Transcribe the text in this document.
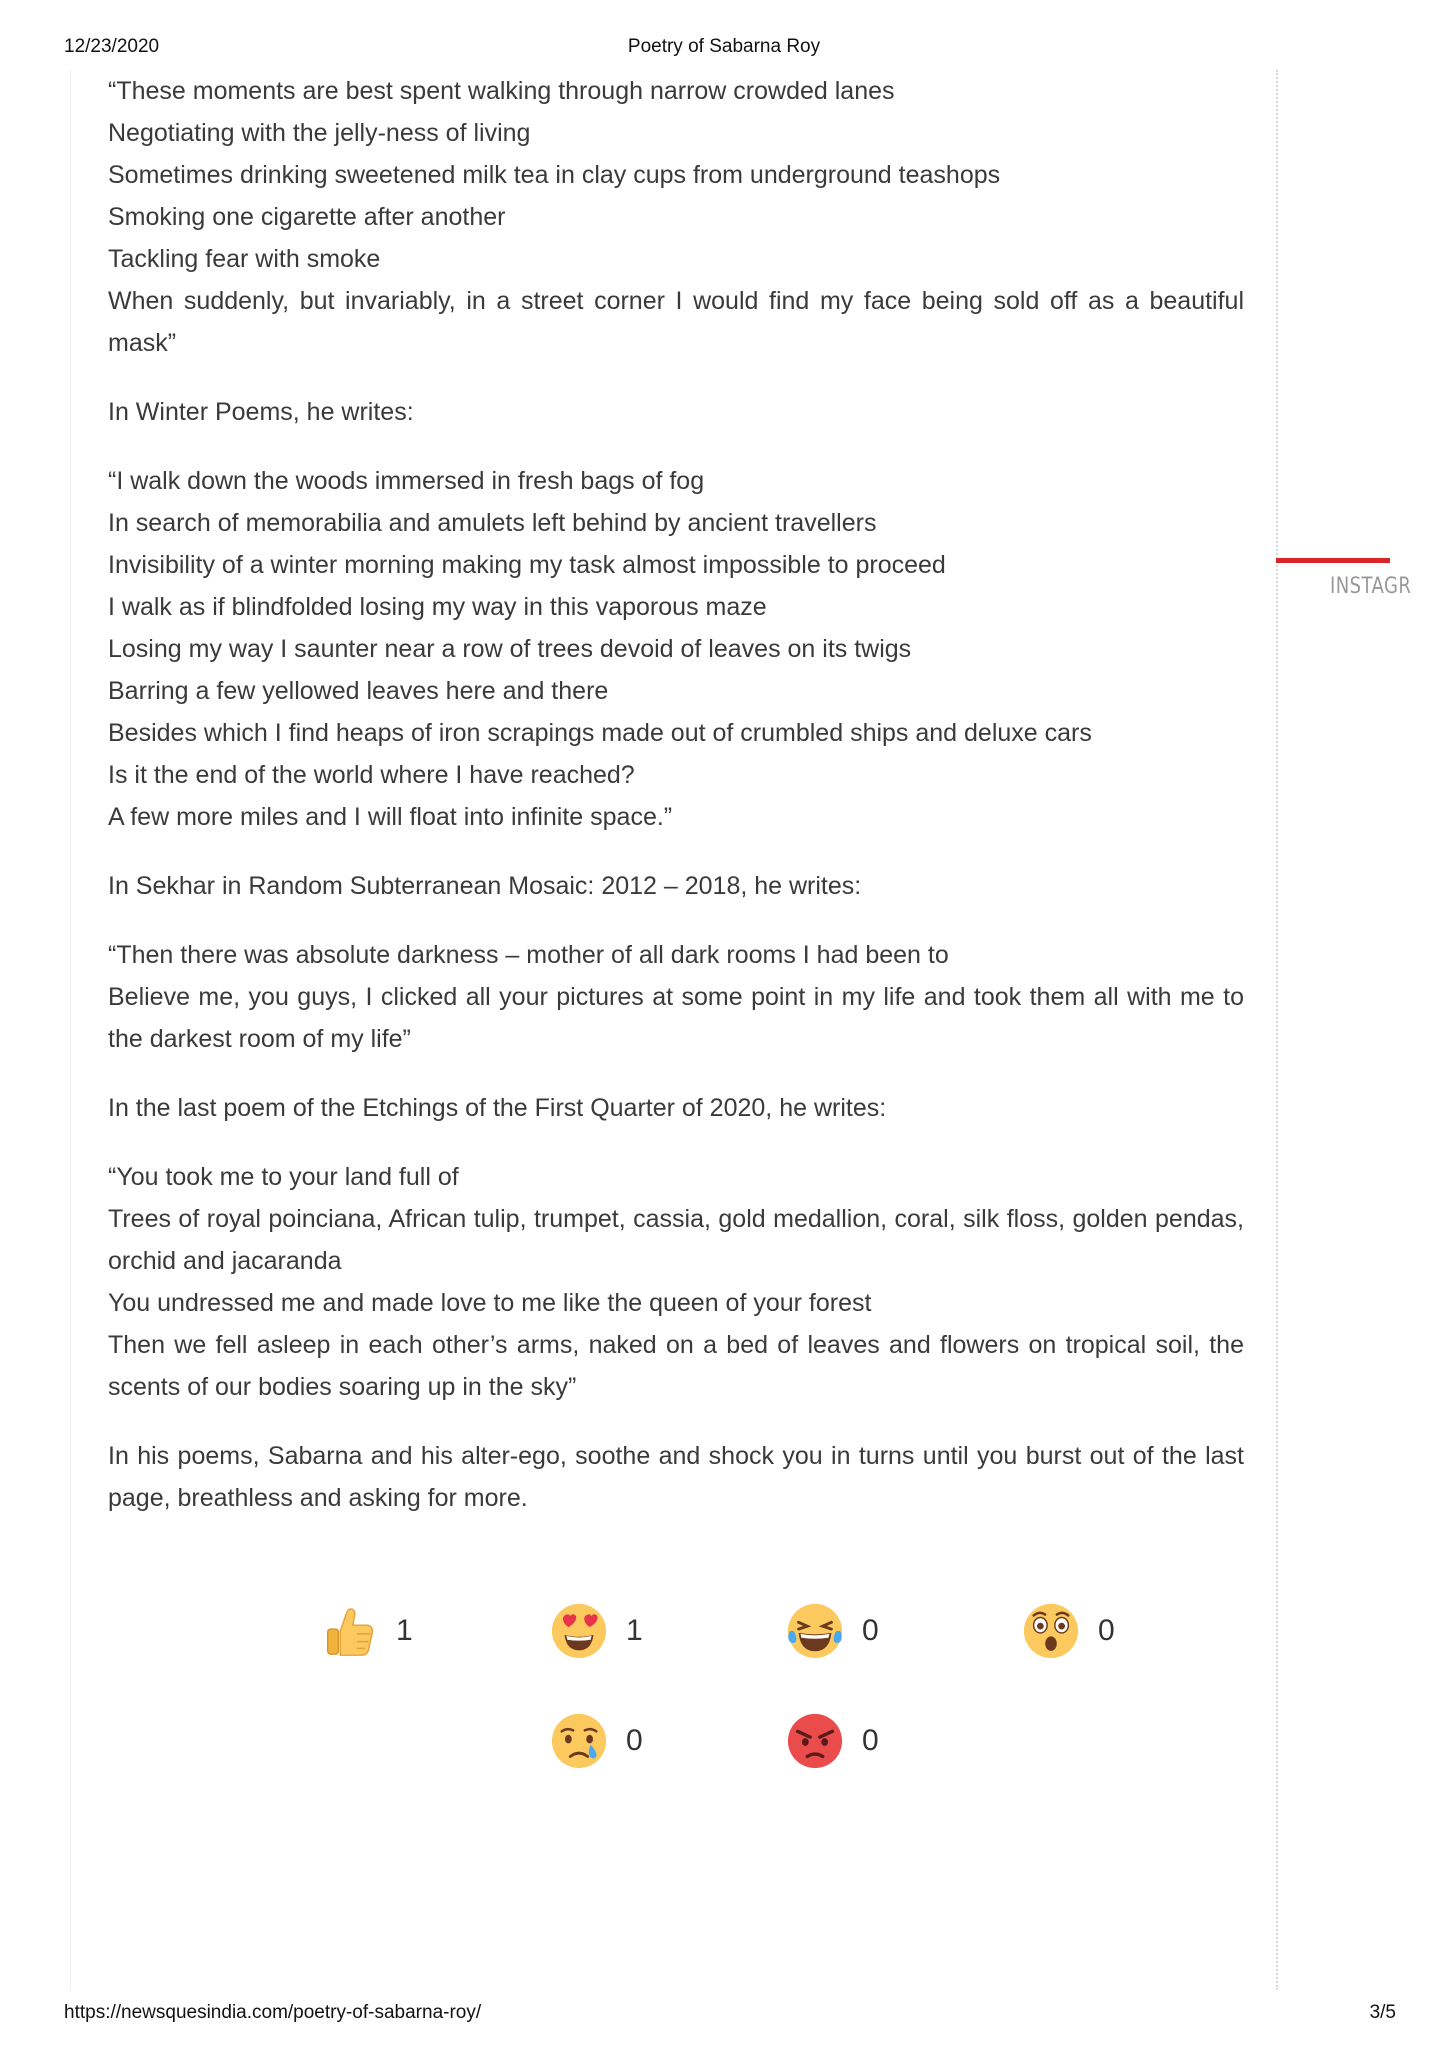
12/23/2020	Poetry of Sabarna Roy
INSTAGR

“These moments are best spent walking through narrow crowded lanes
Negotiating with the jelly-ness of living
Sometimes drinking sweetened milk tea in clay cups from underground teashops
Smoking one cigarette after another
Tackling fear with smoke
When suddenly, but invariably, in a street corner I would find my face being sold off as a beautiful mask”

In Winter Poems, he writes:

“I walk down the woods immersed in fresh bags of fog
In search of memorabilia and amulets left behind by ancient travellers
Invisibility of a winter morning making my task almost impossible to proceed
I walk as if blindfolded losing my way in this vaporous maze
Losing my way I saunter near a row of trees devoid of leaves on its twigs
Barring a few yellowed leaves here and there
Besides which I find heaps of iron scrapings made out of crumbled ships and deluxe cars
Is it the end of the world where I have reached?
A few more miles and I will float into infinite space.”

In Sekhar in Random Subterranean Mosaic: 2012 – 2018, he writes:

“Then there was absolute darkness – mother of all dark rooms I had been to
Believe me, you guys, I clicked all your pictures at some point in my life and took them all with me to the darkest room of my life”

In the last poem of the Etchings of the First Quarter of 2020, he writes:

“You took me to your land full of
Trees of royal poinciana, African tulip, trumpet, cassia, gold medallion, coral, silk floss, golden pendas, orchid and jacaranda
You undressed me and made love to me like the queen of your forest
Then we fell asleep in each other’s arms, naked on a bed of leaves and flowers on tropical soil, the scents of our bodies soaring up in the sky”

In his poems, Sabarna and his alter-ego, soothe and shock you in turns until you burst out of the last page, breathless and asking for more.

1	1	0	0
0	0
https://newsquesindia.com/poetry-of-sabarna-roy/	3/5
